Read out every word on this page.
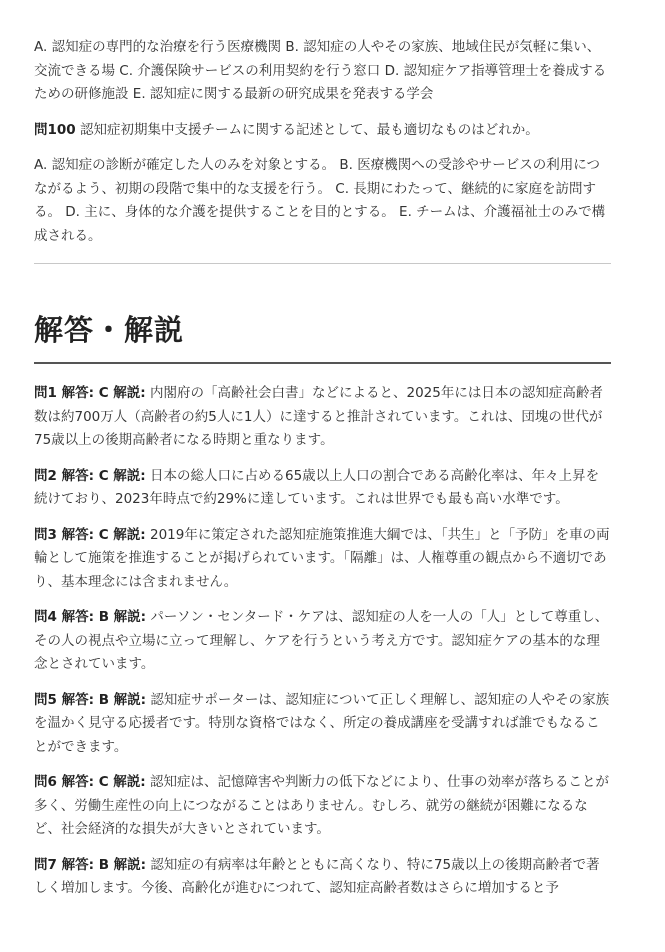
A. 認知症の専門的な治療を行う医療機関 B. 認知症の人やその家族、地域住民が気軽に集い、交流できる場 C. 介護保険サービスの利用契約を行う窓口 D. 認知症ケア指導管理士を養成するための研修施設 E. 認知症に関する最新の研究成果を発表する学会

問100 認知症初期集中支援チームに関する記述として、最も適切なものはどれか。

A. 認知症の診断が確定した人のみを対象とする。 B. 医療機関への受診やサービスの利用につながるよう、初期の段階で集中的な支援を行う。 C. 長期にわたって、継続的に家庭を訪問する。 D. 主に、身体的な介護を提供することを目的とする。 E. チームは、介護福祉士のみで構成される。

解答・解説

問1 解答: C 解説: 内閣府の「高齢社会白書」などによると、2025年には日本の認知症高齢者数は約700万人（高齢者の約5人に1人）に達すると推計されています。これは、団塊の世代が75歳以上の後期高齢者になる時期と重なります。

問2 解答: C 解説: 日本の総人口に占める65歳以上人口の割合である高齢化率は、年々上昇を続けており、2023年時点で約29%に達しています。これは世界でも最も高い水準です。

問3 解答: C 解説: 2019年に策定された認知症施策推進大綱では、「共生」と「予防」を車の両輪として施策を推進することが掲げられています。「隔離」は、人権尊重の観点から不適切であり、基本理念には含まれません。

問4 解答: B 解説: パーソン・センタード・ケアは、認知症の人を一人の「人」として尊重し、その人の視点や立場に立って理解し、ケアを行うという考え方です。認知症ケアの基本的な理念とされています。

問5 解答: B 解説: 認知症サポーターは、認知症について正しく理解し、認知症の人やその家族を温かく見守る応援者です。特別な資格ではなく、所定の養成講座を受講すれば誰でもなることができます。

問6 解答: C 解説: 認知症は、記憶障害や判断力の低下などにより、仕事の効率が落ちることが多く、労働生産性の向上につながることはありません。むしろ、就労の継続が困難になるなど、社会経済的な損失が大きいとされています。

問7 解答: B 解説: 認知症の有病率は年齢とともに高くなり、特に75歳以上の後期高齢者で著しく増加します。今後、高齢化が進むにつれて、認知症高齢者数はさらに増加すると予
